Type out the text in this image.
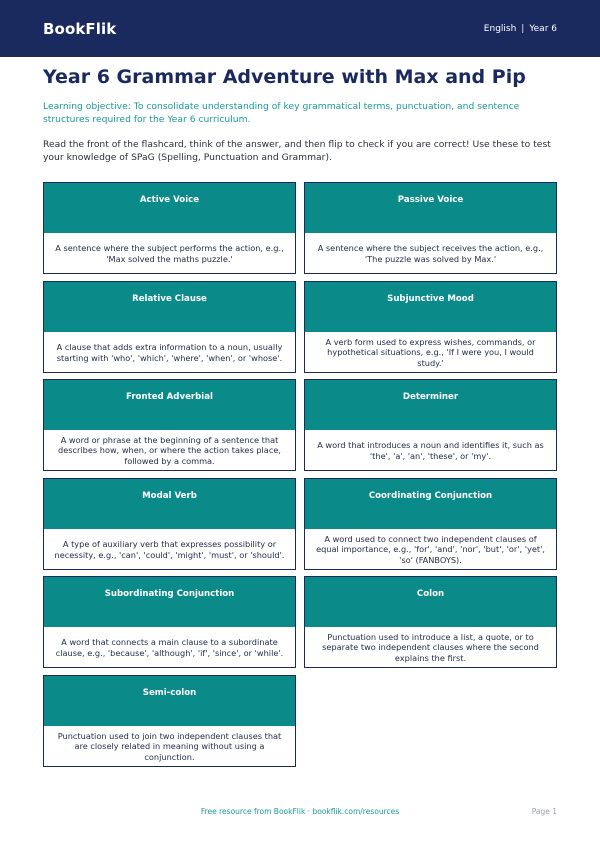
BookFlik	English | Year 6
Year 6 Grammar Adventure with Max and Pip

Learning objective: To consolidate understanding of key grammatical terms, punctuation, and sentence structures required for the Year 6 curriculum.

Read the front of the flashcard, think of the answer, and then flip to check if you are correct! Use these to test your knowledge of SPaG (Spelling, Punctuation and Grammar).

Active Voice
A sentence where the subject performs the action, e.g., 'Max solved the maths puzzle.'
Passive Voice
A sentence where the subject receives the action, e.g., 'The puzzle was solved by Max.'
Relative Clause
A clause that adds extra information to a noun, usually starting with 'who', 'which', 'where', 'when', or 'whose'.
Subjunctive Mood
A verb form used to express wishes, commands, or hypothetical situations, e.g., 'If I were you, I would study.'
Fronted Adverbial
A word or phrase at the beginning of a sentence that describes how, when, or where the action takes place, followed by a comma.
Determiner
A word that introduces a noun and identifies it, such as 'the', 'a', 'an', 'these', or 'my'.
Modal Verb
A type of auxiliary verb that expresses possibility or necessity, e.g., 'can', 'could', 'might', 'must', or 'should'.
Coordinating Conjunction
A word used to connect two independent clauses of equal importance, e.g., 'for', 'and', 'nor', 'but', 'or', 'yet', 'so' (FANBOYS).
Subordinating Conjunction
A word that connects a main clause to a subordinate clause, e.g., 'because', 'although', 'if', 'since', or 'while'.
Colon
Punctuation used to introduce a list, a quote, or to separate two independent clauses where the second explains the first.
Semi-colon
Punctuation used to join two independent clauses that are closely related in meaning without using a conjunction.
Free resource from BookFlik · bookflik.com/resources	Page 1
